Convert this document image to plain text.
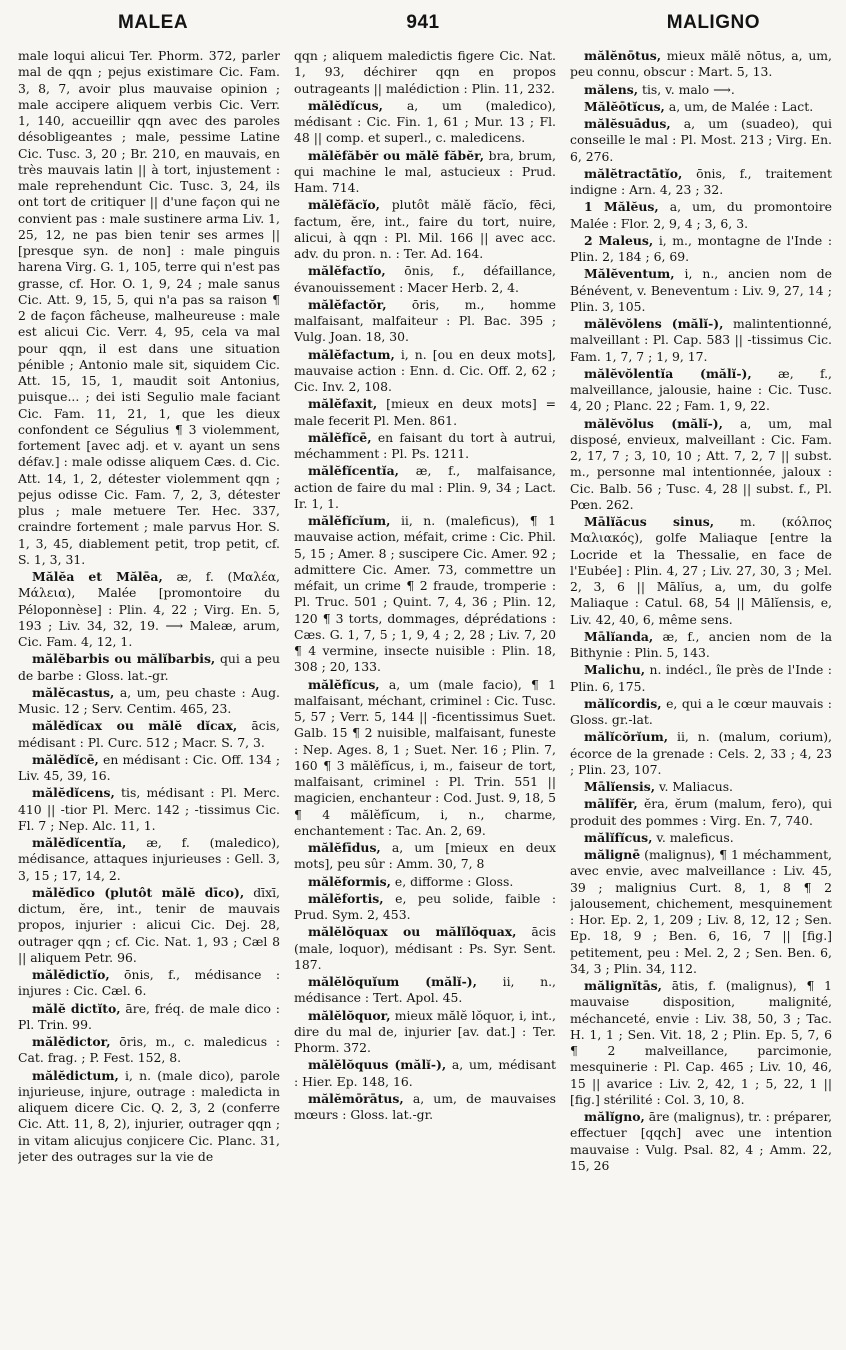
MALEA	941	MALIGNO

male loqui alicui Ter. Phorm. 372, parler mal de qqn ; pejus existimare Cic. Fam. 3, 8, 7, avoir plus mauvaise opinion ; male accipere aliquem verbis Cic. Verr. 1, 140, accueillir qqn avec des paroles désobligeantes ; male, pessime Latine Cic. Tusc. 3, 20 ; Br. 210, en mauvais, en très mauvais latin || à tort, injustement : male reprehendunt Cic. Tusc. 3, 24, ils ont tort de critiquer || d'une façon qui ne convient pas : male sustinere arma Liv. 1, 25, 12, ne pas bien tenir ses armes || [presque syn. de non] : male pinguis harena Virg. G. 1, 105, terre qui n'est pas grasse, cf. Hor. O. 1, 9, 24 ; male sanus Cic. Att. 9, 15, 5, qui n'a pas sa raison ¶ 2 de façon fâcheuse, malheureuse : male est alicui Cic. Verr. 4, 95, cela va mal pour qqn, il est dans une situation pénible ; Antonio male sit, siquidem Cic. Att. 15, 15, 1, maudit soit Antonius, puisque... ; dei isti Segulio male faciant Cic. Fam. 11, 21, 1, que les dieux confondent ce Ségulius ¶ 3 violemment, fortement [avec adj. et v. ayant un sens défav.] : male odisse aliquem Cæs. d. Cic. Att. 14, 1, 2, détester violemment qqn ; pejus odisse Cic. Fam. 7, 2, 3, détester plus ; male metuere Ter. Hec. 337, craindre fortement ; male parvus Hor. S. 1, 3, 45, diablement petit, trop petit, cf. S. 1, 3, 31.

Mălĕa et Mălēa, æ, f. (Μαλέα, Μάλεια), Malée [promontoire du Péloponnèse] : Plin. 4, 22 ; Virg. En. 5, 193 ; Liv. 34, 32, 19. ⟶ Maleæ, arum, Cic. Fam. 4, 12, 1.

mălĕbarbis ou mălĭbarbis, qui a peu de barbe : Gloss. lat.-gr.

mălĕcastus, a, um, peu chaste : Aug. Music. 12 ; Serv. Centim. 465, 23.

mălĕdĭcax ou mălĕ dĭcax, ācis, médisant : Pl. Curc. 512 ; Macr. S. 7, 3.

mălĕdĭcē, en médisant : Cic. Off. 134 ; Liv. 45, 39, 16.

mălĕdĭcens, tis, médisant : Pl. Merc. 410 || -tior Pl. Merc. 142 ; -tissimus Cic. Fl. 7 ; Nep. Alc. 11, 1.

mălĕdĭcentĭa, æ, f. (maledico), médisance, attaques injurieuses : Gell. 3, 3, 15 ; 17, 14, 2.

mălĕdīco (plutôt mălĕ dīco), dīxī, dictum, ĕre, int., tenir de mauvais propos, injurier : alicui Cic. Dej. 28, outrager qqn ; cf. Cic. Nat. 1, 93 ; Cæl 8 || aliquem Petr. 96.

mălĕdictĭo, ōnis, f., médisance : injures : Cic. Cæl. 6.

mălĕ dictĭto, āre, fréq. de male dico : Pl. Trin. 99.

mălĕdictor, ōris, m., c. maledicus : Cat. frag. ; P. Fest. 152, 8.

mălĕdictum, i, n. (male dico), parole injurieuse, injure, outrage : maledicta in aliquem dicere Cic. Q. 2, 3, 2 (conferre Cic. Att. 11, 8, 2), injurier, outrager qqn ; in vitam alicujus conjicere Cic. Planc. 31, jeter des outrages sur la vie de

qqn ; aliquem maledictis figere Cic. Nat. 1, 93, déchirer qqn en propos outrageants || malédiction : Plin. 11, 232.

mălĕdĭcus, a, um (maledico), médisant : Cic. Fin. 1, 61 ; Mur. 13 ; Fl. 48 || comp. et superl., c. maledicens.

mălĕfăbĕr ou mălĕ făbĕr, bra, brum, qui machine le mal, astucieux : Prud. Ham. 714.

mălĕfăcĭo, plutôt mălĕ făcĭo, fēci, factum, ĕre, int., faire du tort, nuire, alicui, à qqn : Pl. Mil. 166 || avec acc. adv. du pron. n. : Ter. Ad. 164.

mălĕfactĭo, ōnis, f., défaillance, évanouissement : Macer Herb. 2, 4.

mălĕfactŏr, ōris, m., homme malfaisant, malfaiteur : Pl. Bac. 395 ; Vulg. Joan. 18, 30.

mălĕfactum, i, n. [ou en deux mots], mauvaise action : Enn. d. Cic. Off. 2, 62 ; Cic. Inv. 2, 108.

mălĕfaxit, [mieux en deux mots] = male fecerit Pl. Men. 861.

mălĕfĭcē, en faisant du tort à autrui, méchamment : Pl. Ps. 1211.

mălĕfĭcentĭa, æ, f., malfaisance, action de faire du mal : Plin. 9, 34 ; Lact. Ir. 1, 1.

mălĕfĭcĭum, ii, n. (maleficus), ¶ 1 mauvaise action, méfait, crime : Cic. Phil. 5, 15 ; Amer. 8 ; suscipere Cic. Amer. 92 ; admittere Cic. Amer. 73, commettre un méfait, un crime ¶ 2 fraude, tromperie : Pl. Truc. 501 ; Quint. 7, 4, 36 ; Plin. 12, 120 ¶ 3 torts, dommages, déprédations : Cæs. G. 1, 7, 5 ; 1, 9, 4 ; 2, 28 ; Liv. 7, 20 ¶ 4 vermine, insecte nuisible : Plin. 18, 308 ; 20, 133.

mălĕfĭcus, a, um (male facio), ¶ 1 malfaisant, méchant, criminel : Cic. Tusc. 5, 57 ; Verr. 5, 144 || -ficentissimus Suet. Galb. 15 ¶ 2 nuisible, malfaisant, funeste : Nep. Ages. 8, 1 ; Suet. Ner. 16 ; Plin. 7, 160 ¶ 3 mălĕfĭcus, i, m., faiseur de tort, malfaisant, criminel : Pl. Trin. 551 || magicien, enchanteur : Cod. Just. 9, 18, 5 ¶ 4 mălĕfĭcum, i, n., charme, enchantement : Tac. An. 2, 69.

mălĕfīdus, a, um [mieux en deux mots], peu sûr : Amm. 30, 7, 8

mălĕformis, e, difforme : Gloss.

mălĕfortis, e, peu solide, faible : Prud. Sym. 2, 453.

mălĕlŏquax ou mălĭlŏquax, ācis (male, loquor), médisant : Ps. Syr. Sent. 187.

mălĕlŏquĭum (mălĭ-), ii, n., médisance : Tert. Apol. 45.

mălĕlŏquor, mieux mălĕ lŏquor, i, int., dire du mal de, injurier [av. dat.] : Ter. Phorm. 372.

mălĕlŏquus (mălĭ-), a, um, médisant : Hier. Ep. 148, 16.

mălĕmōrātus, a, um, de mauvaises mœurs : Gloss. lat.-gr.

mălĕnōtus, mieux mălĕ nōtus, a, um, peu connu, obscur : Mart. 5, 13.

mălens, tis, v. malo ⟶.

Mălĕōtĭcus, a, um, de Malée : Lact.

mălĕsuādus, a, um (suadeo), qui conseille le mal : Pl. Most. 213 ; Virg. En. 6, 276.

mălĕtractātĭo, ōnis, f., traitement indigne : Arn. 4, 23 ; 32.

1 Mălĕus, a, um, du promontoire Malée : Flor. 2, 9, 4 ; 3, 6, 3.

2 Maleus, i, m., montagne de l'Inde : Plin. 2, 184 ; 6, 69.

Mălĕventum, i, n., ancien nom de Bénévent, v. Beneventum : Liv. 9, 27, 14 ; Plin. 3, 105.

mălĕvŏlens (mălĭ-), malintentionné, malveillant : Pl. Cap. 583 || -tissimus Cic. Fam. 1, 7, 7 ; 1, 9, 17.

mălĕvŏlentĭa (mălĭ-), æ, f., malveillance, jalousie, haine : Cic. Tusc. 4, 20 ; Planc. 22 ; Fam. 1, 9, 22.

mălĕvŏlus (mălĭ-), a, um, mal disposé, envieux, malveillant : Cic. Fam. 2, 17, 7 ; 3, 10, 10 ; Att. 7, 2, 7 || subst. m., personne mal intentionnée, jaloux : Cic. Balb. 56 ; Tusc. 4, 28 || subst. f., Pl. Pœn. 262.

Mālĭăcus sinus, m. (κόλπος Μαλιακός), golfe Maliaque [entre la Locride et la Thessalie, en face de l'Eubée] : Plin. 4, 27 ; Liv. 27, 30, 3 ; Mel. 2, 3, 6 || Mālĭus, a, um, du golfe Maliaque : Catul. 68, 54 || Mālĭensis, e, Liv. 42, 40, 6, même sens.

Mālĭanda, æ, f., ancien nom de la Bithynie : Plin. 5, 143.

Malichu, n. indécl., île près de l'Inde : Plin. 6, 175.

mălĭcordis, e, qui a le cœur mauvais : Gloss. gr.-lat.

mălĭcŏrĭum, ii, n. (malum, corium), écorce de la grenade : Cels. 2, 33 ; 4, 23 ; Plin. 23, 107.

Mālĭensis, v. Maliacus.

mālĭfĕr, ĕra, ĕrum (malum, fero), qui produit des pommes : Virg. En. 7, 740.

mălĭfĭcus, v. maleficus.

mălignē (malignus), ¶ 1 méchamment, avec envie, avec malveillance : Liv. 45, 39 ; malignius Curt. 8, 1, 8 ¶ 2 jalousement, chichement, mesquinement : Hor. Ep. 2, 1, 209 ; Liv. 8, 12, 12 ; Sen. Ep. 18, 9 ; Ben. 6, 16, 7 || [fig.] petitement, peu : Mel. 2, 2 ; Sen. Ben. 6, 34, 3 ; Plin. 34, 112.

mălignĭtās, ātis, f. (malignus), ¶ 1 mauvaise disposition, malignité, méchanceté, envie : Liv. 38, 50, 3 ; Tac. H. 1, 1 ; Sen. Vit. 18, 2 ; Plin. Ep. 5, 7, 6 ¶ 2 malveillance, parcimonie, mesquinerie : Pl. Cap. 465 ; Liv. 10, 46, 15 || avarice : Liv. 2, 42, 1 ; 5, 22, 1 || [fig.] stérilité : Col. 3, 10, 8.

mălĭgno, āre (malignus), tr. : préparer, effectuer [qqch] avec une intention mauvaise : Vulg. Psal. 82, 4 ; Amm. 22, 15, 26
